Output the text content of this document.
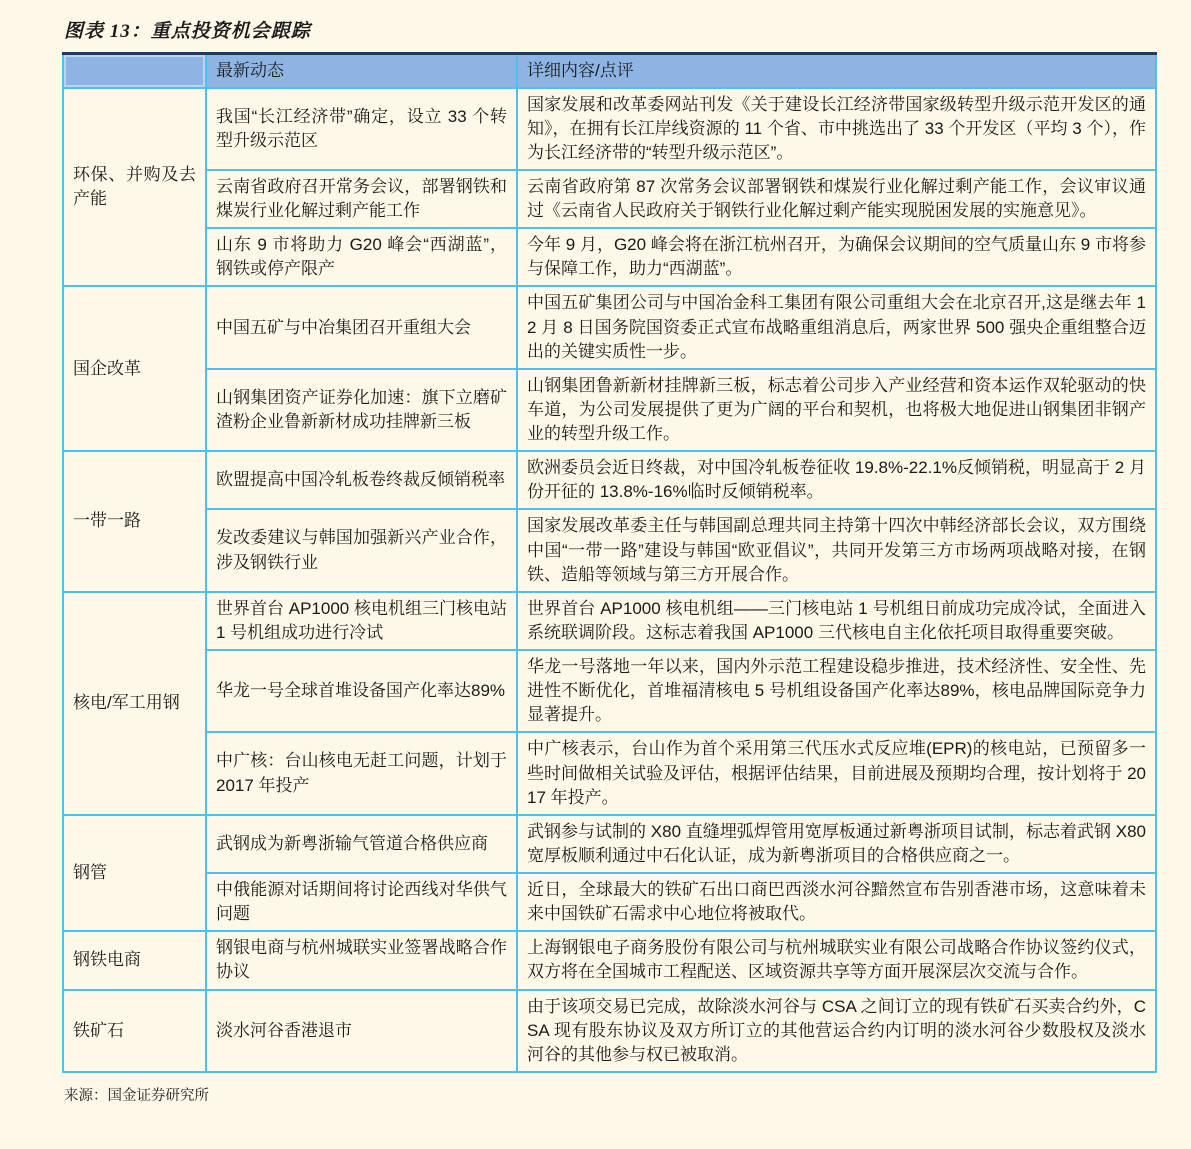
图表 13：重点投资机会跟踪
	最新动态	详细内容/点评
环保、并购及去产能	我国“长江经济带”确定，设立 33 个转型升级示范区	国家发展和改革委网站刊发《关于建设长江经济带国家级转型升级示范开发区的通知》，在拥有长江岸线资源的 11 个省、市中挑选出了 33 个开发区（平均 3 个），作为长江经济带的“转型升级示范区”。
	云南省政府召开常务会议，部署钢铁和煤炭行业化解过剩产能工作	云南省政府第 87 次常务会议部署钢铁和煤炭行业化解过剩产能工作，会议审议通过《云南省人民政府关于钢铁行业化解过剩产能实现脱困发展的实施意见》。
	山东 9 市将助力 G20 峰会“西湖蓝”，钢铁或停产限产	今年 9 月，G20 峰会将在浙江杭州召开，为确保会议期间的空气质量山东 9 市将参与保障工作，助力“西湖蓝”。
国企改革	中国五矿与中冶集团召开重组大会	中国五矿集团公司与中国冶金科工集团有限公司重组大会在北京召开,这是继去年 12 月 8 日国务院国资委正式宣布战略重组消息后，两家世界 500 强央企重组整合迈出的关键实质性一步。
	山钢集团资产证券化加速：旗下立磨矿渣粉企业鲁新新材成功挂牌新三板	山钢集团鲁新新材挂牌新三板，标志着公司步入产业经营和资本运作双轮驱动的快车道，为公司发展提供了更为广阔的平台和契机，也将极大地促进山钢集团非钢产业的转型升级工作。
一带一路	欧盟提高中国冷轧板卷终裁反倾销税率	欧洲委员会近日终裁，对中国冷轧板卷征收 19.8%-22.1%反倾销税，明显高于 2 月份开征的 13.8%-16%临时反倾销税率。
	发改委建议与韩国加强新兴产业合作，涉及钢铁行业	国家发展改革委主任与韩国副总理共同主持第十四次中韩经济部长会议，双方围绕中国“一带一路”建设与韩国“欧亚倡议”，共同开发第三方市场两项战略对接，在钢铁、造船等领域与第三方开展合作。
核电/军工用钢	世界首台 AP1000 核电机组三门核电站 1 号机组成功进行冷试	世界首台 AP1000 核电机组——三门核电站 1 号机组日前成功完成冷试，全面进入系统联调阶段。这标志着我国 AP1000 三代核电自主化依托项目取得重要突破。
	华龙一号全球首堆设备国产化率达89%	华龙一号落地一年以来，国内外示范工程建设稳步推进，技术经济性、安全性、先进性不断优化，首堆福清核电 5 号机组设备国产化率达89%，核电品牌国际竞争力显著提升。
	中广核：台山核电无赶工问题，计划于 2017 年投产	中广核表示，台山作为首个采用第三代压水式反应堆(EPR)的核电站，已预留多一些时间做相关试验及评估，根据评估结果，目前进展及预期均合理，按计划将于 2017 年投产。
钢管	武钢成为新粤浙输气管道合格供应商	武钢参与试制的 X80 直缝埋弧焊管用宽厚板通过新粤浙项目试制，标志着武钢 X80 宽厚板顺利通过中石化认证，成为新粤浙项目的合格供应商之一。
	中俄能源对话期间将讨论西线对华供气问题	近日，全球最大的铁矿石出口商巴西淡水河谷黯然宣布告别香港市场，这意味着未来中国铁矿石需求中心地位将被取代。
钢铁电商	钢银电商与杭州城联实业签署战略合作协议	上海钢银电子商务股份有限公司与杭州城联实业有限公司战略合作协议签约仪式，双方将在全国城市工程配送、区域资源共享等方面开展深层次交流与合作。
铁矿石	淡水河谷香港退市	由于该项交易已完成，故除淡水河谷与 CSA 之间订立的现有铁矿石买卖合约外，CSA 现有股东协议及双方所订立的其他营运合约内订明的淡水河谷少数股权及淡水河谷的其他参与权已被取消。
来源：国金证券研究所
